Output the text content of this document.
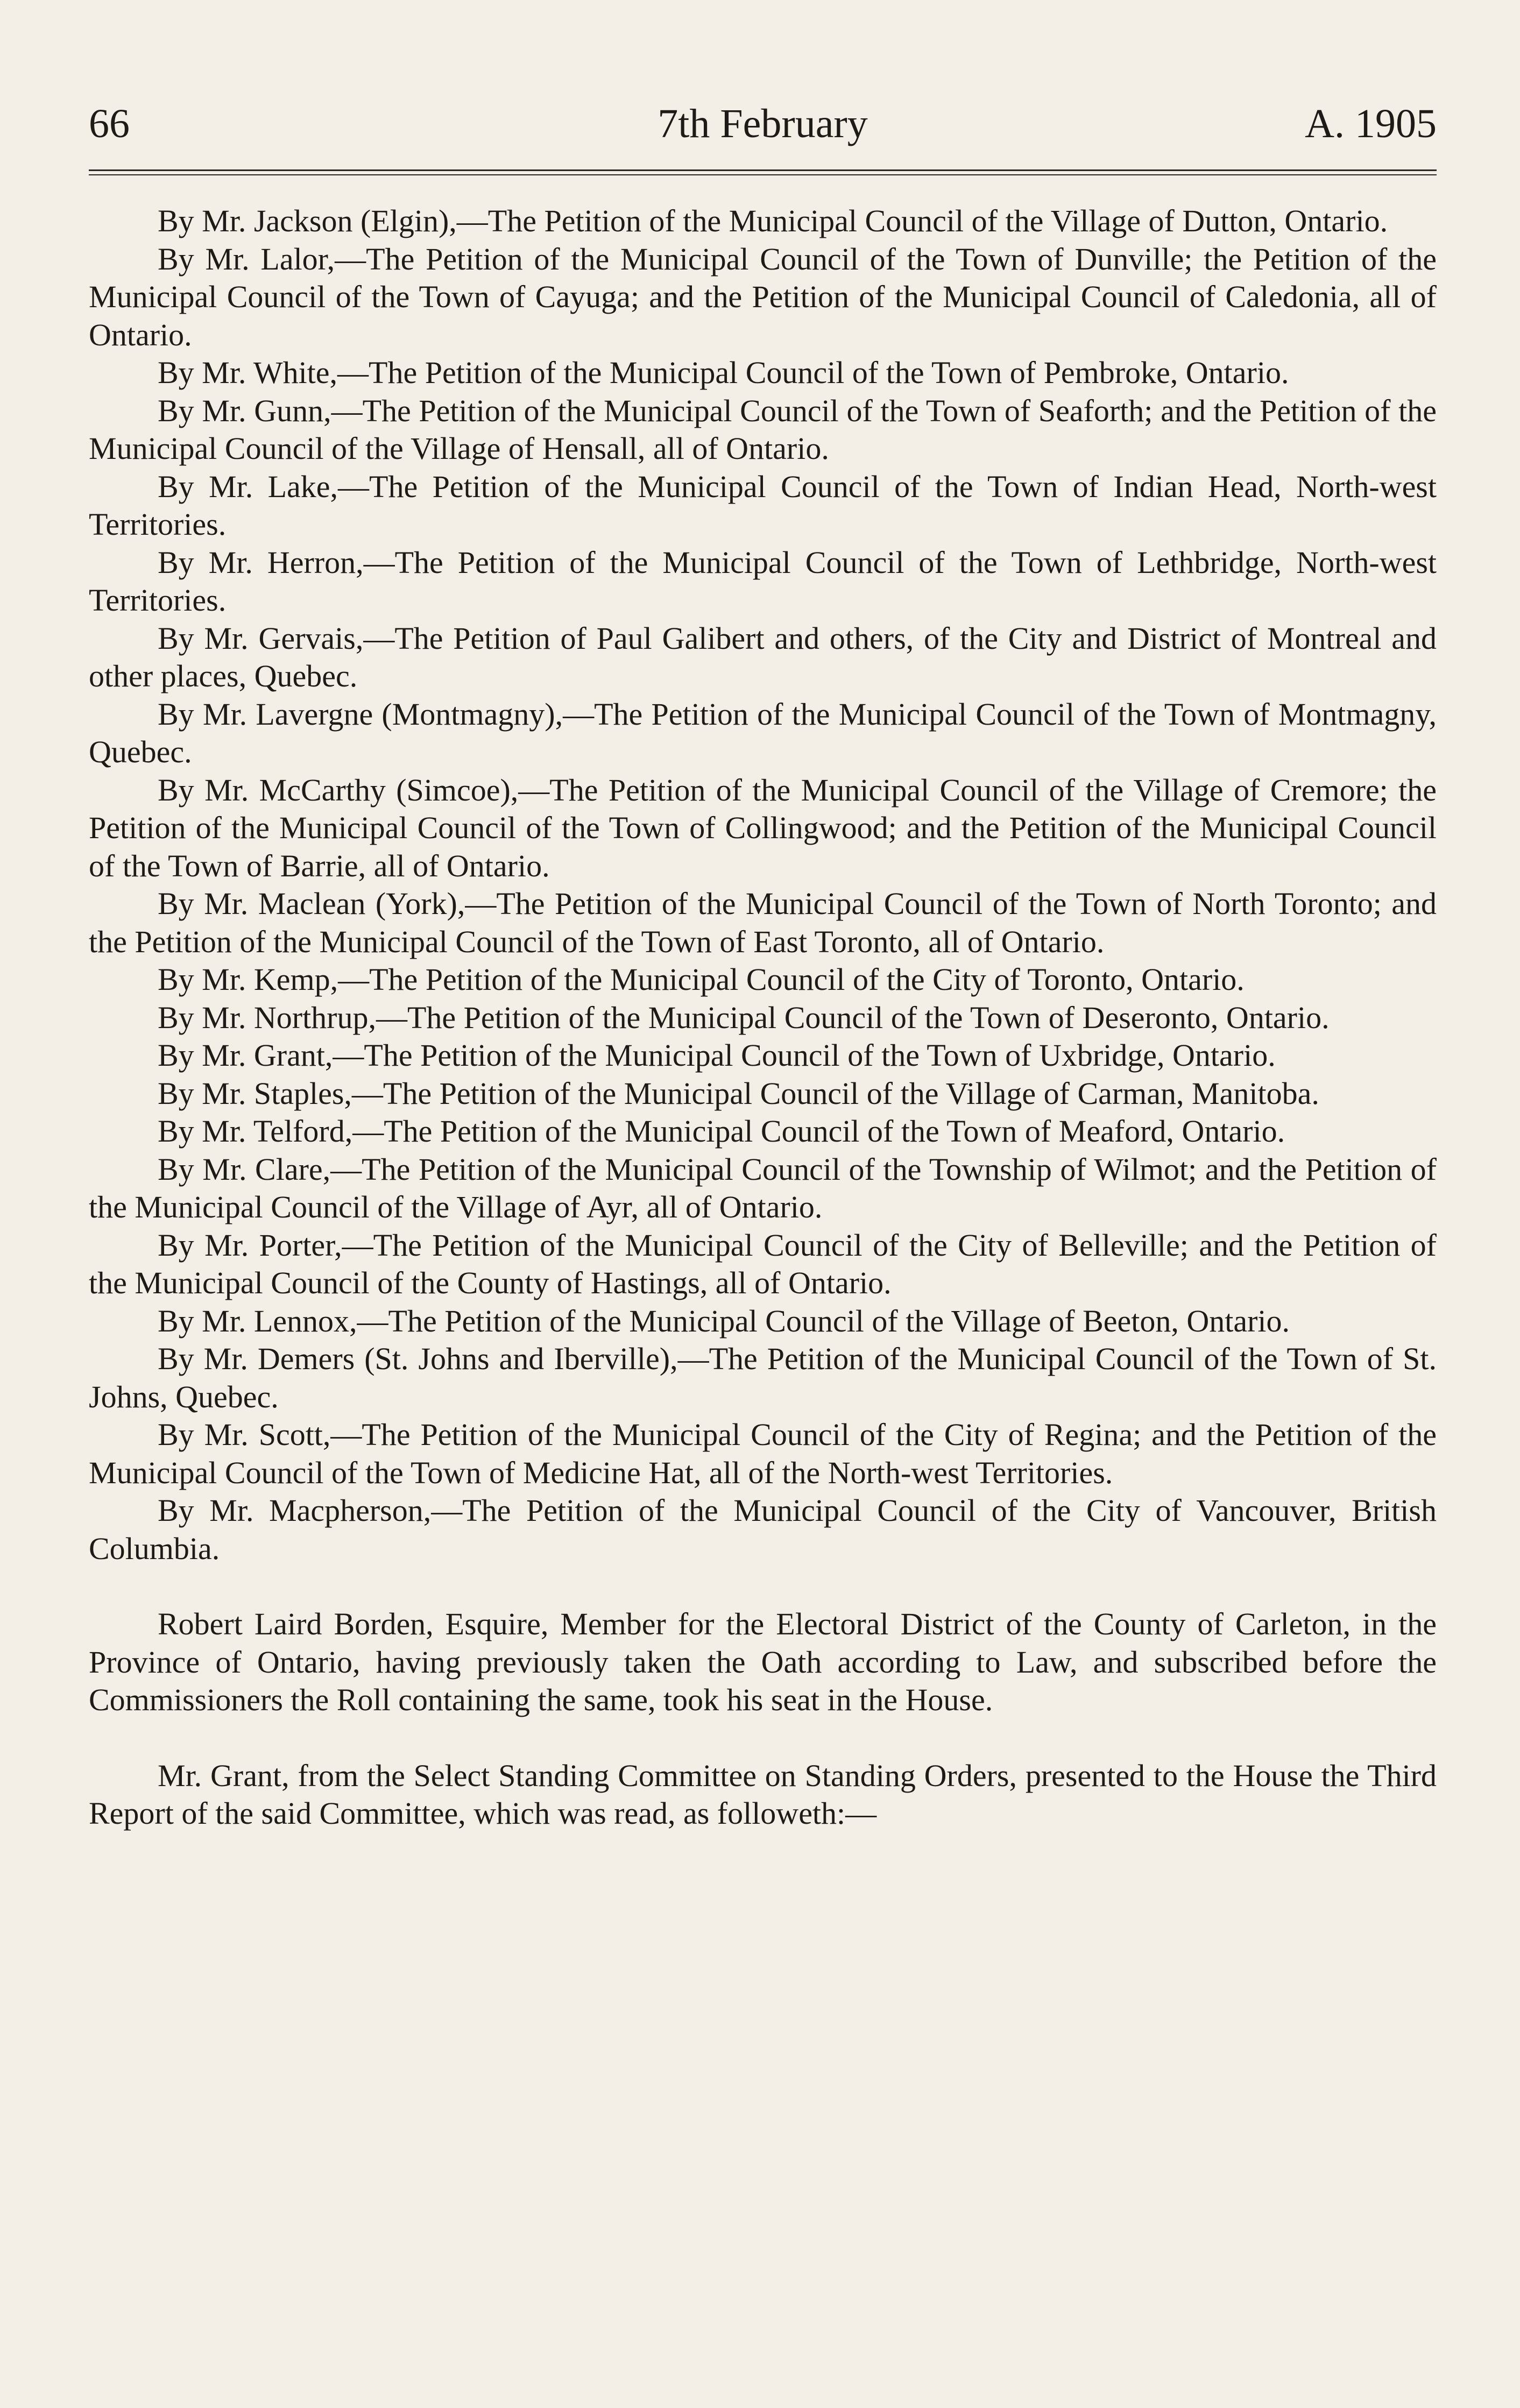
66	7th February	A. 1905

By Mr. Jackson (Elgin),—The Petition of the Municipal Council of the Village of Dutton, Ontario.

By Mr. Lalor,—The Petition of the Municipal Council of the Town of Dunville; the Petition of the Municipal Council of the Town of Cayuga; and the Petition of the Municipal Council of Caledonia, all of Ontario.

By Mr. White,—The Petition of the Municipal Council of the Town of Pembroke, Ontario.

By Mr. Gunn,—The Petition of the Municipal Council of the Town of Seaforth; and the Petition of the Municipal Council of the Village of Hensall, all of Ontario.

By Mr. Lake,—The Petition of the Municipal Council of the Town of Indian Head, North-west Territories.

By Mr. Herron,—The Petition of the Municipal Council of the Town of Lethbridge, North-west Territories.

By Mr. Gervais,—The Petition of Paul Galibert and others, of the City and District of Montreal and other places, Quebec.

By Mr. Lavergne (Montmagny),—The Petition of the Municipal Council of the Town of Montmagny, Quebec.

By Mr. McCarthy (Simcoe),—The Petition of the Municipal Council of the Village of Cremore; the Petition of the Municipal Council of the Town of Collingwood; and the Petition of the Municipal Council of the Town of Barrie, all of Ontario.

By Mr. Maclean (York),—The Petition of the Municipal Council of the Town of North Toronto; and the Petition of the Municipal Council of the Town of East Toronto, all of Ontario.

By Mr. Kemp,—The Petition of the Municipal Council of the City of Toronto, Ontario.

By Mr. Northrup,—The Petition of the Municipal Council of the Town of Deseronto, Ontario.

By Mr. Grant,—The Petition of the Municipal Council of the Town of Uxbridge, Ontario.

By Mr. Staples,—The Petition of the Municipal Council of the Village of Carman, Manitoba.

By Mr. Telford,—The Petition of the Municipal Council of the Town of Meaford, Ontario.

By Mr. Clare,—The Petition of the Municipal Council of the Township of Wilmot; and the Petition of the Municipal Council of the Village of Ayr, all of Ontario.

By Mr. Porter,—The Petition of the Municipal Council of the City of Belleville; and the Petition of the Municipal Council of the County of Hastings, all of Ontario.

By Mr. Lennox,—The Petition of the Municipal Council of the Village of Beeton, Ontario.

By Mr. Demers (St. Johns and Iberville),—The Petition of the Municipal Council of the Town of St. Johns, Quebec.

By Mr. Scott,—The Petition of the Municipal Council of the City of Regina; and the Petition of the Municipal Council of the Town of Medicine Hat, all of the North-west Territories.

By Mr. Macpherson,—The Petition of the Municipal Council of the City of Vancouver, British Columbia.

Robert Laird Borden, Esquire, Member for the Electoral District of the County of Carleton, in the Province of Ontario, having previously taken the Oath according to Law, and subscribed before the Commissioners the Roll containing the same, took his seat in the House.

Mr. Grant, from the Select Standing Committee on Standing Orders, presented to the House the Third Report of the said Committee, which was read, as followeth:—
